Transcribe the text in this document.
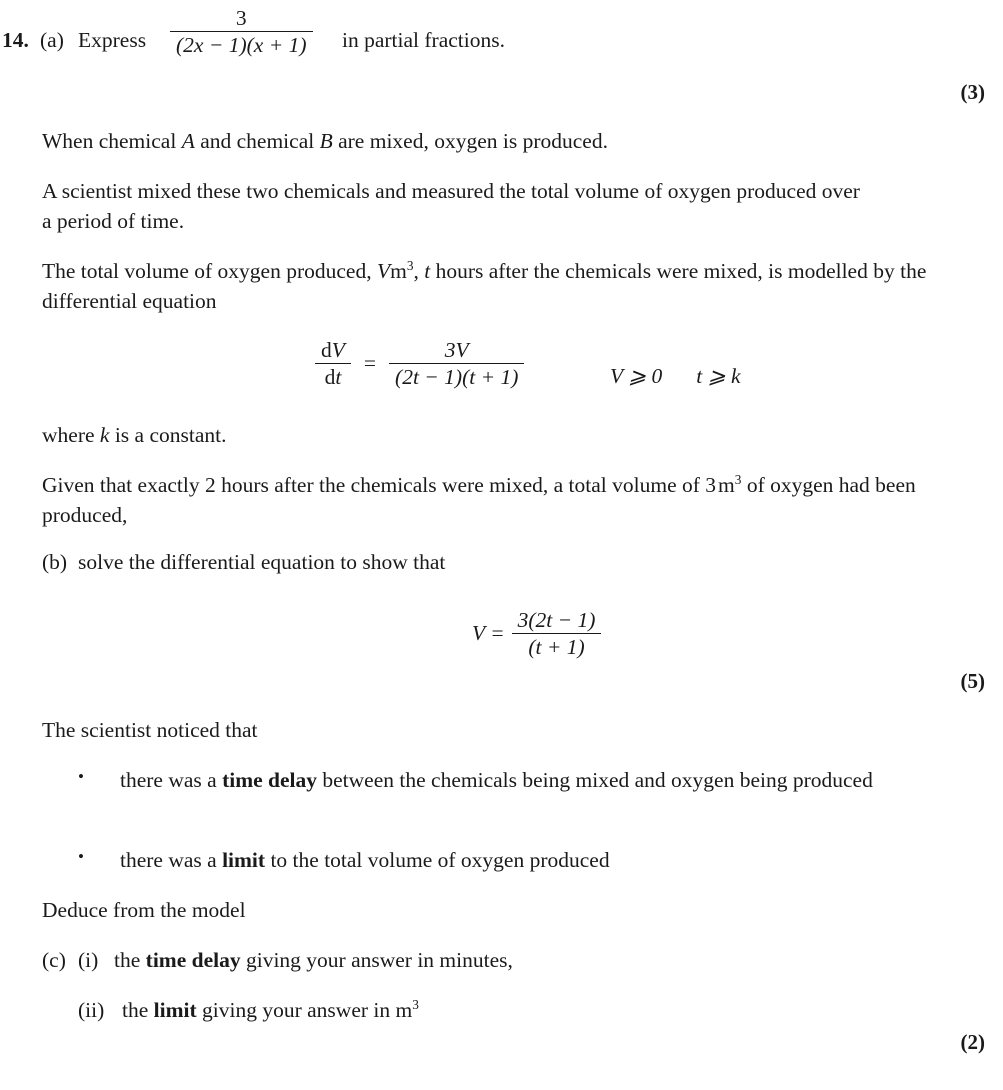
14. (a) Express $\frac{3}{(2x - 1)(x + 1)}$ in partial fractions.
(3)
When chemical A and chemical B are mixed, oxygen is produced.
A scientist mixed these two chemicals and measured the total volume of oxygen produced over a period of time.
The total volume of oxygen produced, Vm$^3$, t hours after the chemicals were mixed, is modelled by the differential equation
$\frac{dV}{dt} = \frac{3V}{(2t - 1)(t + 1)}$	V ⩾ 0 t ⩾ k
where k is a constant.
Given that exactly 2 hours after the chemicals were mixed, a total volume of $3m^3$ of oxygen had been produced,
(b) solve the differential equation to show that
$V = \frac{3(2t - 1)}{(t + 1)}$
(5)
The scientist noticed that
• there was a time delay between the chemicals being mixed and oxygen being produced
• there was a limit to the total volume of oxygen produced
Deduce from the model
(c) (i) the time delay giving your answer in minutes,
(ii) the limit giving your answer in $m^3$
(2)
